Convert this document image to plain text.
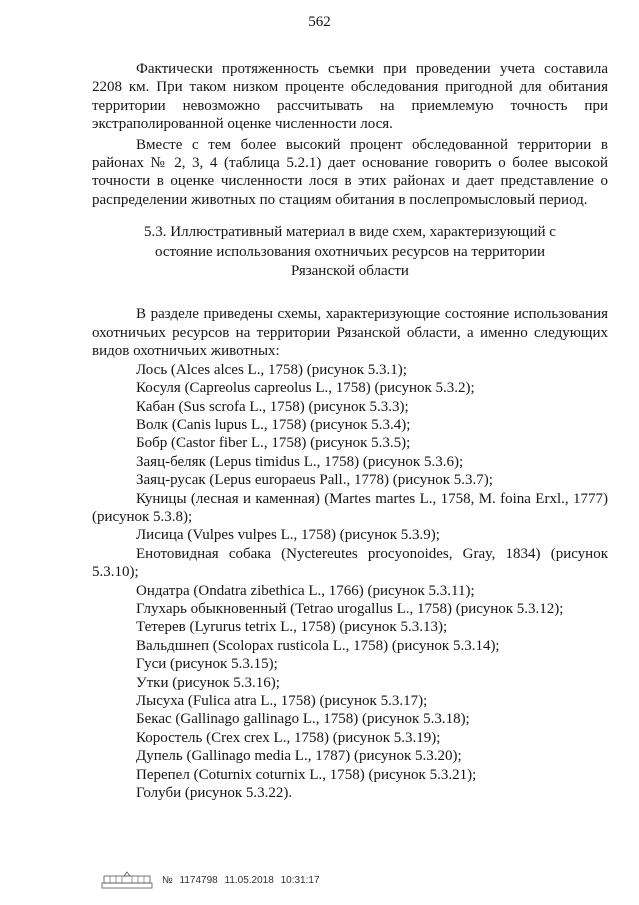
562

Фактически протяженность съемки при проведении учета составила 2208 км. При таком низком проценте обследования пригодной для обитания территории невозможно рассчитывать на приемлемую точность при экстраполированной оценке численности лося.

Вместе с тем более высокий процент обследованной территории в районах № 2, 3, 4 (таблица 5.2.1) дает основание говорить о более высокой точности в оценке численности лося в этих районах и дает представление о распределении животных по стациям обитания в послепромысловый период.

5.3. Иллюстративный материал в виде схем, характеризующий с
остояние использования охотничьих ресурсов на территории
Рязанской области

В разделе приведены схемы, характеризующие состояние использования охотничьих ресурсов на территории Рязанской области, а именно следующих видов охотничьих животных:

Лось (Alces alces L., 1758) (рисунок 5.3.1);
Косуля (Capreolus capreolus L., 1758) (рисунок 5.3.2);
Кабан (Sus scrofa L., 1758) (рисунок 5.3.3);
Волк (Canis lupus L., 1758) (рисунок 5.3.4);
Бобр (Castor fiber L., 1758) (рисунок 5.3.5);
Заяц-беляк (Lepus timidus L., 1758) (рисунок 5.3.6);
Заяц-русак (Lepus europaeus Pall., 1778) (рисунок 5.3.7);
Куницы (лесная и каменная) (Martes martes L., 1758, M. foina Erxl., 1777) (рисунок 5.3.8);
Лисица (Vulpes vulpes L., 1758) (рисунок 5.3.9);
Енотовидная собака (Nyctereutes procyonoides, Gray, 1834) (рисунок 5.3.10);
Ондатра (Ondatra zibethica L., 1766) (рисунок 5.3.11);
Глухарь обыкновенный (Tetrao urogallus L., 1758) (рисунок 5.3.12);
Тетерев (Lyrurus tetrix L., 1758) (рисунок 5.3.13);
Вальдшнеп (Scolopax rusticola L., 1758) (рисунок 5.3.14);
Гуси (рисунок 5.3.15);
Утки (рисунок 5.3.16);
Лысуха (Fulica atra L., 1758) (рисунок 5.3.17);
Бекас (Gallinago gallinago L., 1758) (рисунок 5.3.18);
Коростель (Crex crex L., 1758) (рисунок 5.3.19);
Дупель (Gallinago media L., 1787) (рисунок 5.3.20);
Перепел (Coturnix coturnix L., 1758) (рисунок 5.3.21);
Голуби (рисунок 5.3.22).
№ 1174798 11.05.2018 10:31:17
